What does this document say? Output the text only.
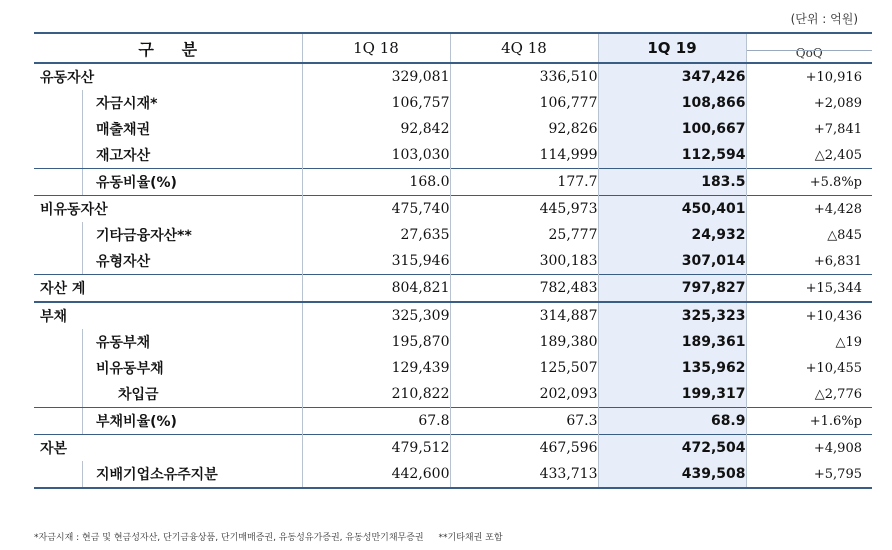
(단위 : 억원)
구     분	1Q 18	4Q 18	1Q 19	QoQ

유동자산	329,081	336,510	347,426	+10,916

자금시재*	106,757	106,777	108,866	+2,089

매출채권	92,842	92,826	100,667	+7,841

재고자산	103,030	114,999	112,594	△2,405

유동비율(%)	168.0	177.7	183.5	+5.8%p

비유동자산	475,740	445,973	450,401	+4,428

기타금융자산**	27,635	25,777	24,932	△845

유형자산	315,946	300,183	307,014	+6,831

자산 계	804,821	782,483	797,827	+15,344

부채	325,309	314,887	325,323	+10,436

유동부채	195,870	189,380	189,361	△19

비유동부채	129,439	125,507	135,962	+10,455

차입금	210,822	202,093	199,317	△2,776

부채비율(%)	67.8	67.3	68.9	+1.6%p

자본	479,512	467,596	472,504	+4,908

지배기업소유주지분	442,600	433,713	439,508	+5,795
*자금시재 : 현금 및 현금성자산, 단기금융상품, 단기매매증권, 유동성유가증권, 유동성만기채무증권 **기타채권 포함
